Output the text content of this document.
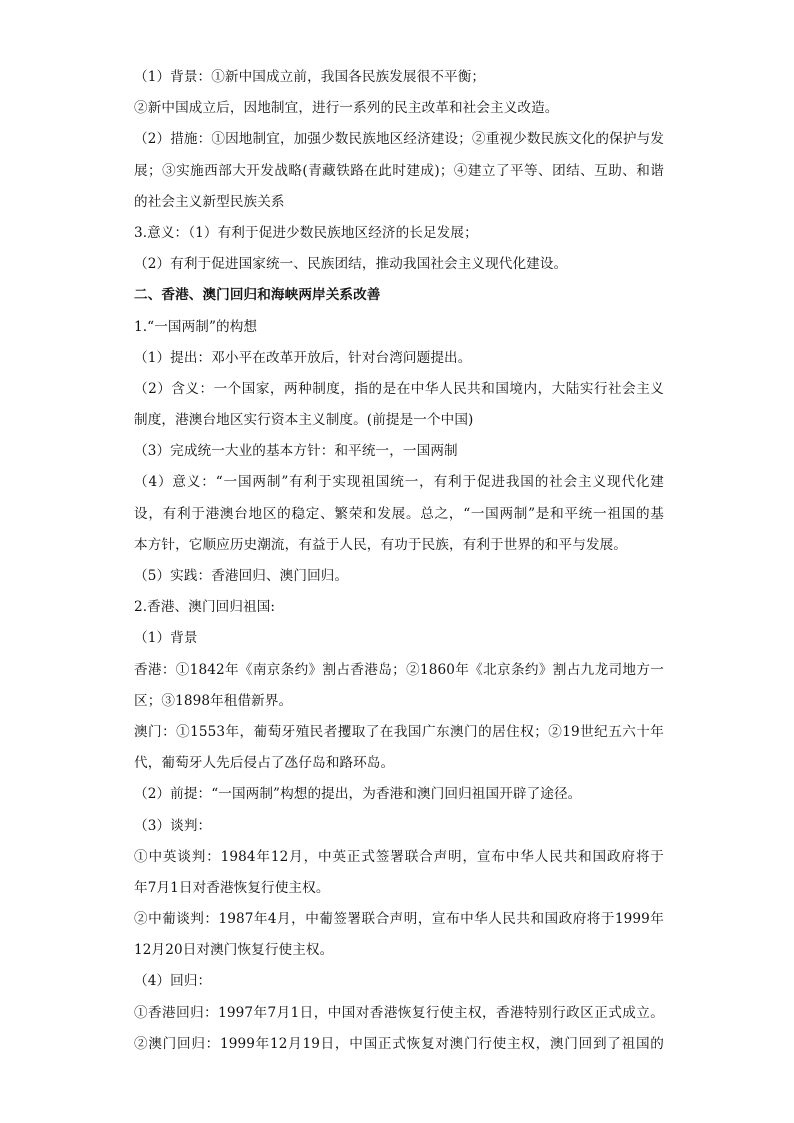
（1）背景：①新中国成立前，我国各民族发展很不平衡；
②新中国成立后，因地制宜，进行一系列的民主改革和社会主义改造。
（2）措施：①因地制宜，加强少数民族地区经济建设；②重视少数民族文化的保护与发
展；③实施西部大开发战略(青藏铁路在此时建成)；④建立了平等、团结、互助、和谐
的社会主义新型民族关系
3.意义：（1）有利于促进少数民族地区经济的长足发展；
（2）有利于促进国家统一、民族团结，推动我国社会主义现代化建设。
二、香港、澳门回归和海峡两岸关系改善
1.“一国两制”的构想
（1）提出：邓小平在改革开放后，针对台湾问题提出。
（2）含义：一个国家，两种制度，指的是在中华人民共和国境内，大陆实行社会主义
制度，港澳台地区实行资本主义制度。(前提是一个中国)
（3）完成统一大业的基本方针：和平统一，一国两制
（4）意义：“一国两制”有利于实现祖国统一，有利于促进我国的社会主义现代化建
设，有利于港澳台地区的稳定、繁荣和发展。总之，“一国两制”是和平统一祖国的基
本方针，它顺应历史潮流，有益于人民，有功于民族，有利于世界的和平与发展。
（5）实践：香港回归、澳门回归。
2.香港、澳门回归祖国:
（1）背景
香港：①1842年《南京条约》割占香港岛；②1860年《北京条约》割占九龙司地方一
区；③1898年租借新界。
澳门：①1553年，葡萄牙殖民者攫取了在我国广东澳门的居住权；②19世纪五六十年
代，葡萄牙人先后侵占了氹仔岛和路环岛。
（2）前提：“一国两制”构想的提出，为香港和澳门回归祖国开辟了途径。
（3）谈判：
①中英谈判：1984年12月，中英正式签署联合声明，宣布中华人民共和国政府将于
年7月1日对香港恢复行使主权。
②中葡谈判：1987年4月，中葡签署联合声明，宣布中华人民共和国政府将于1999年
12月20日对澳门恢复行使主权。
（4）回归：
①香港回归：1997年7月1日，中国对香港恢复行使主权，香港特别行政区正式成立。
②澳门回归：1999年12月19日，中国正式恢复对澳门行使主权，澳门回到了祖国的
